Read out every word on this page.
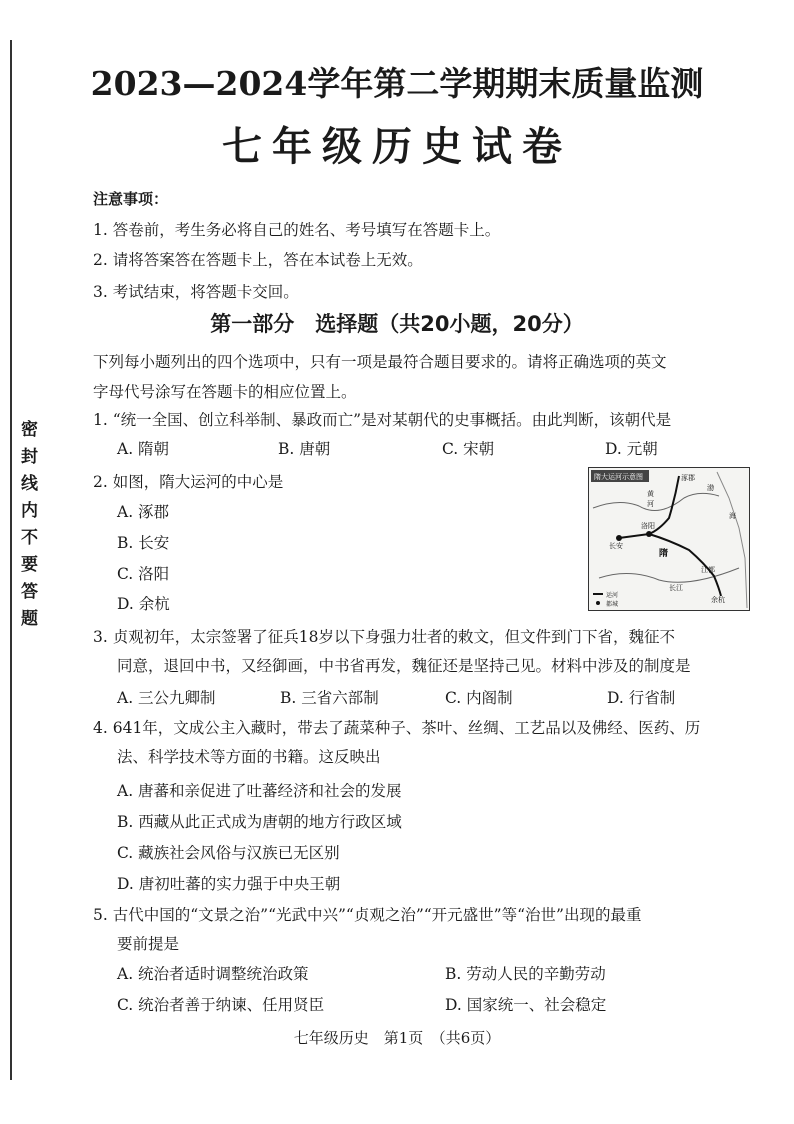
密封线内不要答题
2023—2024学年第二学期期末质量监测
七年级历史试卷
注意事项：
1. 答卷前，考生务必将自己的姓名、考号填写在答题卡上。
2. 请将答案答在答题卡上，答在本试卷上无效。
3. 考试结束，将答题卡交回。
第一部分　选择题（共20小题，20分）
下列每小题列出的四个选项中，只有一项是最符合题目要求的。请将正确选项的英文
字母代号涂写在答题卡的相应位置上。
1. “统一全国、创立科举制、暴政而亡”是对某朝代的史事概括。由此判断，该朝代是
A. 隋朝	B. 唐朝	C. 宋朝	D. 元朝
2. 如图，隋大运河的中心是
A. 涿郡
B. 长安
C. 洛阳
D. 余杭
隋大运河示意图	涿郡
黄
河
海
长安
洛阳
隋
江都
余杭
长江
渤
运河
都城
3. 贞观初年，太宗签署了征兵18岁以下身强力壮者的敕文，但文件到门下省，魏征不
同意，退回中书，又经御画，中书省再发，魏征还是坚持己见。材料中涉及的制度是
A. 三公九卿制	B. 三省六部制	C. 内阁制	D. 行省制
4. 641年，文成公主入藏时，带去了蔬菜种子、茶叶、丝绸、工艺品以及佛经、医药、历
法、科学技术等方面的书籍。这反映出
A. 唐蕃和亲促进了吐蕃经济和社会的发展
B. 西藏从此正式成为唐朝的地方行政区域
C. 藏族社会风俗与汉族已无区别
D. 唐初吐蕃的实力强于中央王朝
5. 古代中国的“文景之治”“光武中兴”“贞观之治”“开元盛世”等“治世”出现的最重
要前提是
A. 统治者适时调整统治政策	B. 劳动人民的辛勤劳动
C. 统治者善于纳谏、任用贤臣	D. 国家统一、社会稳定
七年级历史　第1页　（共6页）
